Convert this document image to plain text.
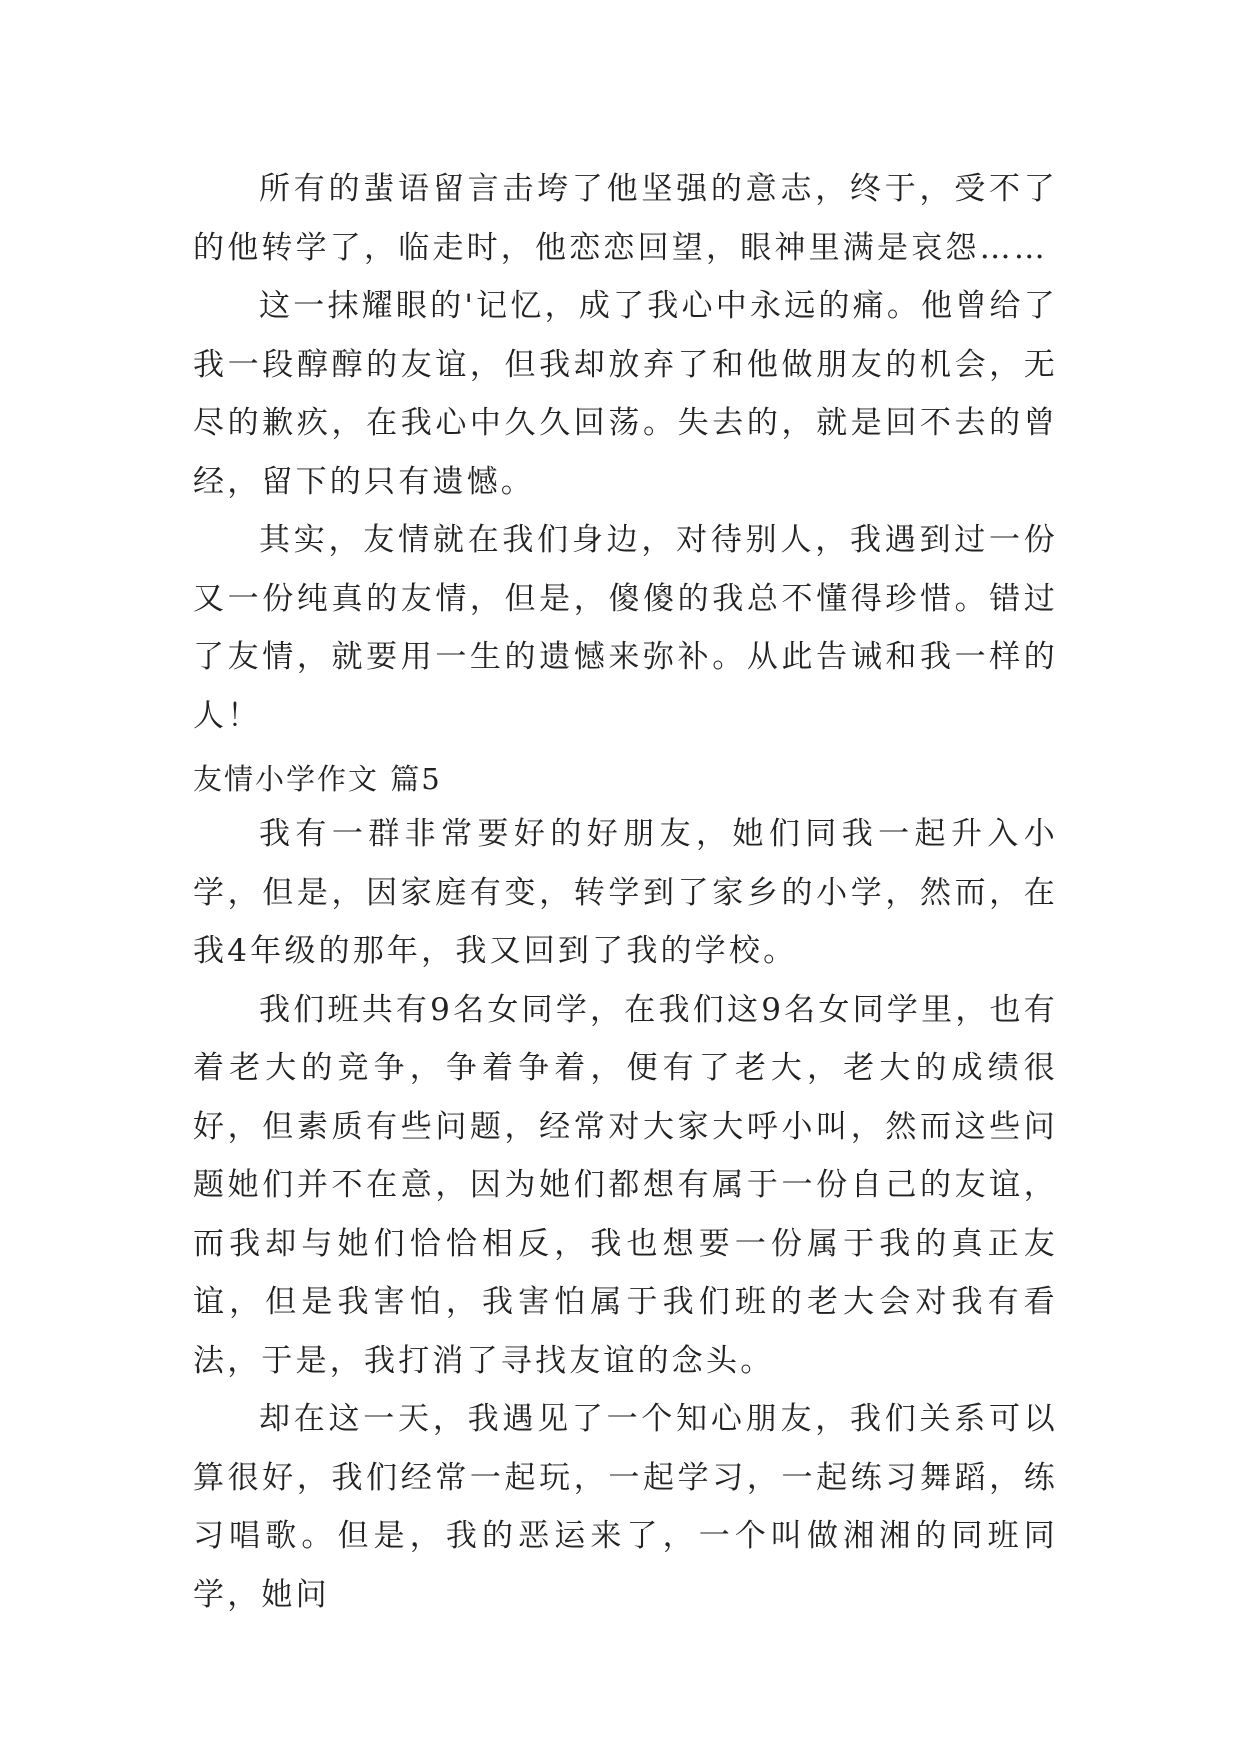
所有的蜚语留言击垮了他坚强的意志，终于，受不了的他转学了，临走时，他恋恋回望，眼神里满是哀怨……

这一抹耀眼的'记忆，成了我心中永远的痛。他曾给了我一段醇醇的友谊，但我却放弃了和他做朋友的机会，无尽的歉疚，在我心中久久回荡。失去的，就是回不去的曾经，留下的只有遗憾。

其实，友情就在我们身边，对待别人，我遇到过一份又一份纯真的友情，但是，傻傻的我总不懂得珍惜。错过了友情，就要用一生的遗憾来弥补。从此告诫和我一样的人！

友情小学作文 篇5

我有一群非常要好的好朋友，她们同我一起升入小学，但是，因家庭有变，转学到了家乡的小学，然而，在我4年级的那年，我又回到了我的学校。

我们班共有9名女同学，在我们这9名女同学里，也有着老大的竞争，争着争着，便有了老大，老大的成绩很好，但素质有些问题，经常对大家大呼小叫，然而这些问题她们并不在意，因为她们都想有属于一份自己的友谊，而我却与她们恰恰相反，我也想要一份属于我的真正友谊，但是我害怕，我害怕属于我们班的老大会对我有看法，于是，我打消了寻找友谊的念头。

却在这一天，我遇见了一个知心朋友，我们关系可以算很好，我们经常一起玩，一起学习，一起练习舞蹈，练习唱歌。但是，我的恶运来了，一个叫做湘湘的同班同学，她问
